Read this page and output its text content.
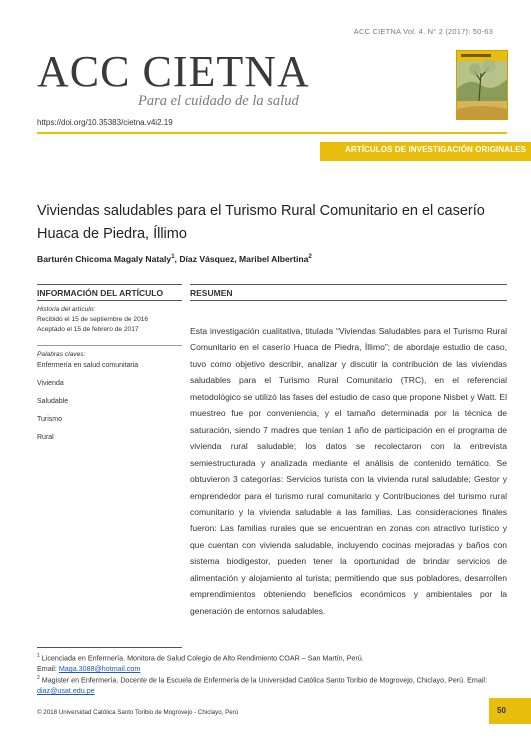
ACC CIETNA Vol. 4. N° 2 (2017): 50-63
ACC CIETNA
Para el cuidado de la salud
https://doi.org/10.35383/cietna.v4i2.19
ARTÍCULOS DE INVESTIGACIÓN ORIGINALES
Viviendas saludables para el Turismo Rural Comunitario en el caserío Huaca de Piedra, Íllimo
Barturén Chicoma Magaly Nataly$^1$, Díaz Vásquez, Maribel Albertina$^2$
INFORMACIÓN DEL ARTÍCULO	RESUMEN
Historia del artículo:
Recibido el 15 de septiembre de 2016
Aceptado el 15 de febrero de 2017
Palabras claves:
Enfermería en salud comunitaria
Vivienda
Saludable
Turismo
Rural
Esta investigación cualitativa, titulada “Viviendas Saludables para el Turismo Rural Comunitario en el caserío Huaca de Piedra, Íllimo”; de abordaje estudio de caso, tuvo como objetivo describir, analizar y discutir la contribución de las viviendas saludables para el Turismo Rural Comunitario (TRC), en el referencial metodológico se utilizó las fases del estudio de caso que propone Nisbet y Watt. El muestreo fue por conveniencia, y el tamaño determinada por la técnica de saturación, siendo 7 madres que tenían 1 año de participación en el programa de vivienda rural saludable; los datos se recolectaron con la entrevista semiestructurada y analizada mediante el análisis de contenido temático. Se obtuvieron 3 categorías: Servicios turista con la vivienda rural saludable; Gestor y emprendedor para el turismo rural comunitario y Contribuciones del turismo rural comunitario y la vivienda saludable a las familias. Las consideraciones finales fueron: Las familias rurales que se encuentran en zonas con atractivo turístico y que cuentan con vivienda saludable, incluyendo cocinas mejoradas y baños con sistema biodigestor, pueden tener la oportunidad de brindar servicios de alimentación y alojamiento al turista; permitiendo que sus pobladores, desarrollen emprendimientos obteniendo beneficios económicos y ambientales por la generación de entornos saludables.
$^1$ Licenciada en Enfermería. Monitora de Salud Colegio de Alto Rendimiento COAR – San Martín, Perú.
Email: Maga.3088@hotmail.com
$^2$ Magister en Enfermería. Docente de la Escuela de Enfermería de la Universidad Católica Santo Toribio de Mogrovejo, Chiclayo, Perú. Email: diaz@usat.edu.pe
© 2018 Universidad Católica Santo Toribio de Mogrovejo - Chiclayo, Perú	50
